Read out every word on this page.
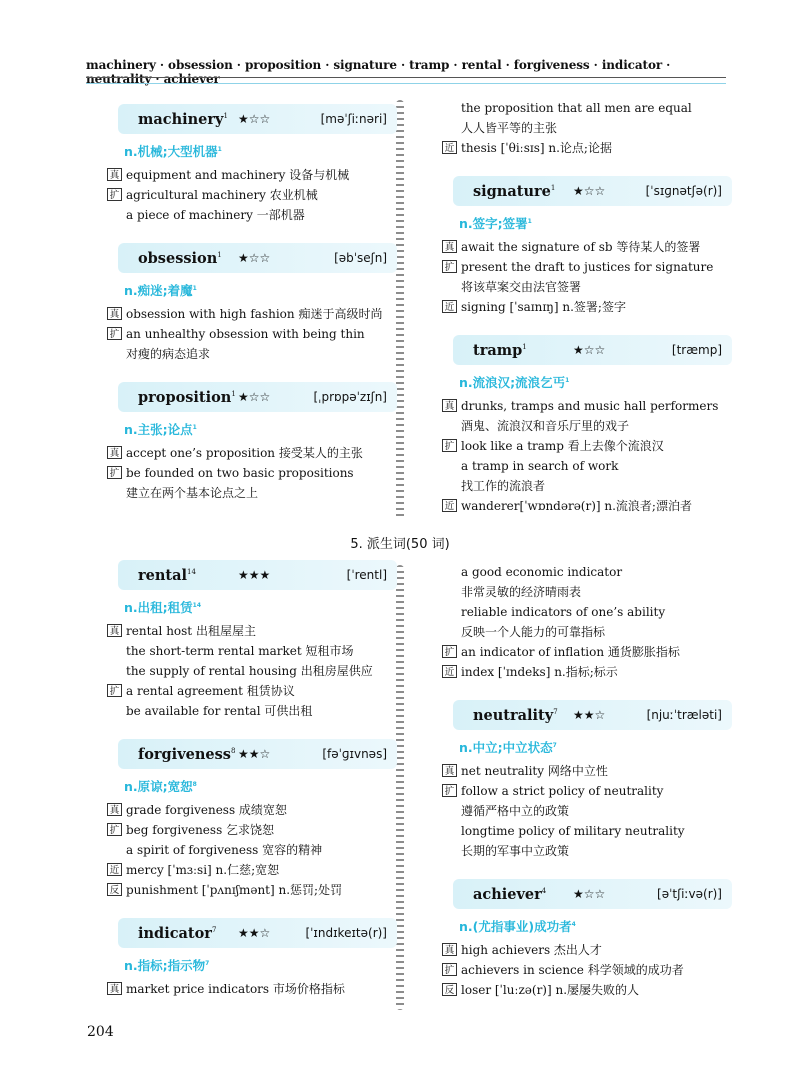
machinery · obsession · proposition · signature · tramp · rental · forgiveness · indicator · neutrality · achiever
5. 派生词(50 词)
machinery$^1$ ★☆☆	[məˈʃiːnəri]
n.机械;大型机器$^1$
真 equipment and machinery 设备与机械
扩 agricultural machinery 农业机械
a piece of machinery 一部机器
obsession$^1$	★☆☆	[əbˈseʃn]
n.痴迷;着魔$^1$
真 obsession with high fashion 痴迷于高级时尚
扩 an unhealthy obsession with being thin
对瘦的病态追求
proposition$^1$ ★☆☆	[ˌprɒpəˈzɪʃn]
n.主张;论点$^1$
真 accept one’s proposition 接受某人的主张
扩 be founded on two basic propositions
建立在两个基本论点之上
the proposition that all men are equal
人人皆平等的主张
近 thesis [ˈθiːsɪs] n.论点;论据
signature$^1$	★☆☆	[ˈsɪɡnətʃə(r)]
n.签字;签署$^1$
真 await the signature of sb 等待某人的签署
扩 present the draft to justices for signature
将该草案交由法官签署
近 signing [ˈsaɪnɪŋ] n.签署;签字
tramp$^1$	★☆☆	[træmp]
n.流浪汉;流浪乞丐$^1$
真 drunks, tramps and music hall performers
酒鬼、流浪汉和音乐厅里的戏子
扩 look like a tramp 看上去像个流浪汉
a tramp in search of work
找工作的流浪者
近 wanderer[ˈwɒndərə(r)] n.流浪者;漂泊者
rental$^{14}$	★★★	[ˈrentl]
n.出租;租赁$^{14}$
真 rental host 出租屋屋主
the short-term rental market 短租市场
the supply of rental housing 出租房屋供应
扩 a rental agreement 租赁协议
be available for rental 可供出租
forgiveness$^8$ ★★☆	[fəˈɡɪvnəs]
n.原谅;宽恕$^8$
真 grade forgiveness 成绩宽恕
扩 beg forgiveness 乞求饶恕
a spirit of forgiveness 宽容的精神
近 mercy [ˈmɜːsi] n.仁慈;宽恕
反 punishment [ˈpʌnɪʃmənt] n.惩罚;处罚
indicator$^7$	★★☆	[ˈɪndɪkeɪtə(r)]
n.指标;指示物$^7$
真 market price indicators 市场价格指标
a good economic indicator
非常灵敏的经济晴雨表
reliable indicators of one’s ability
反映一个人能力的可靠指标
扩 an indicator of inflation 通货膨胀指标
近 index [ˈɪndeks] n.指标;标示
neutrality$^7$	★★☆	[njuːˈtræləti]
n.中立;中立状态$^7$
真 net neutrality 网络中立性
扩 follow a strict policy of neutrality
遵循严格中立的政策
longtime policy of military neutrality
长期的军事中立政策
achiever$^4$	★☆☆	[əˈtʃiːvə(r)]
n.(尤指事业)成功者$^4$
真 high achievers 杰出人才
扩 achievers in science 科学领域的成功者
反 loser [ˈluːzə(r)] n.屡屡失败的人
204
